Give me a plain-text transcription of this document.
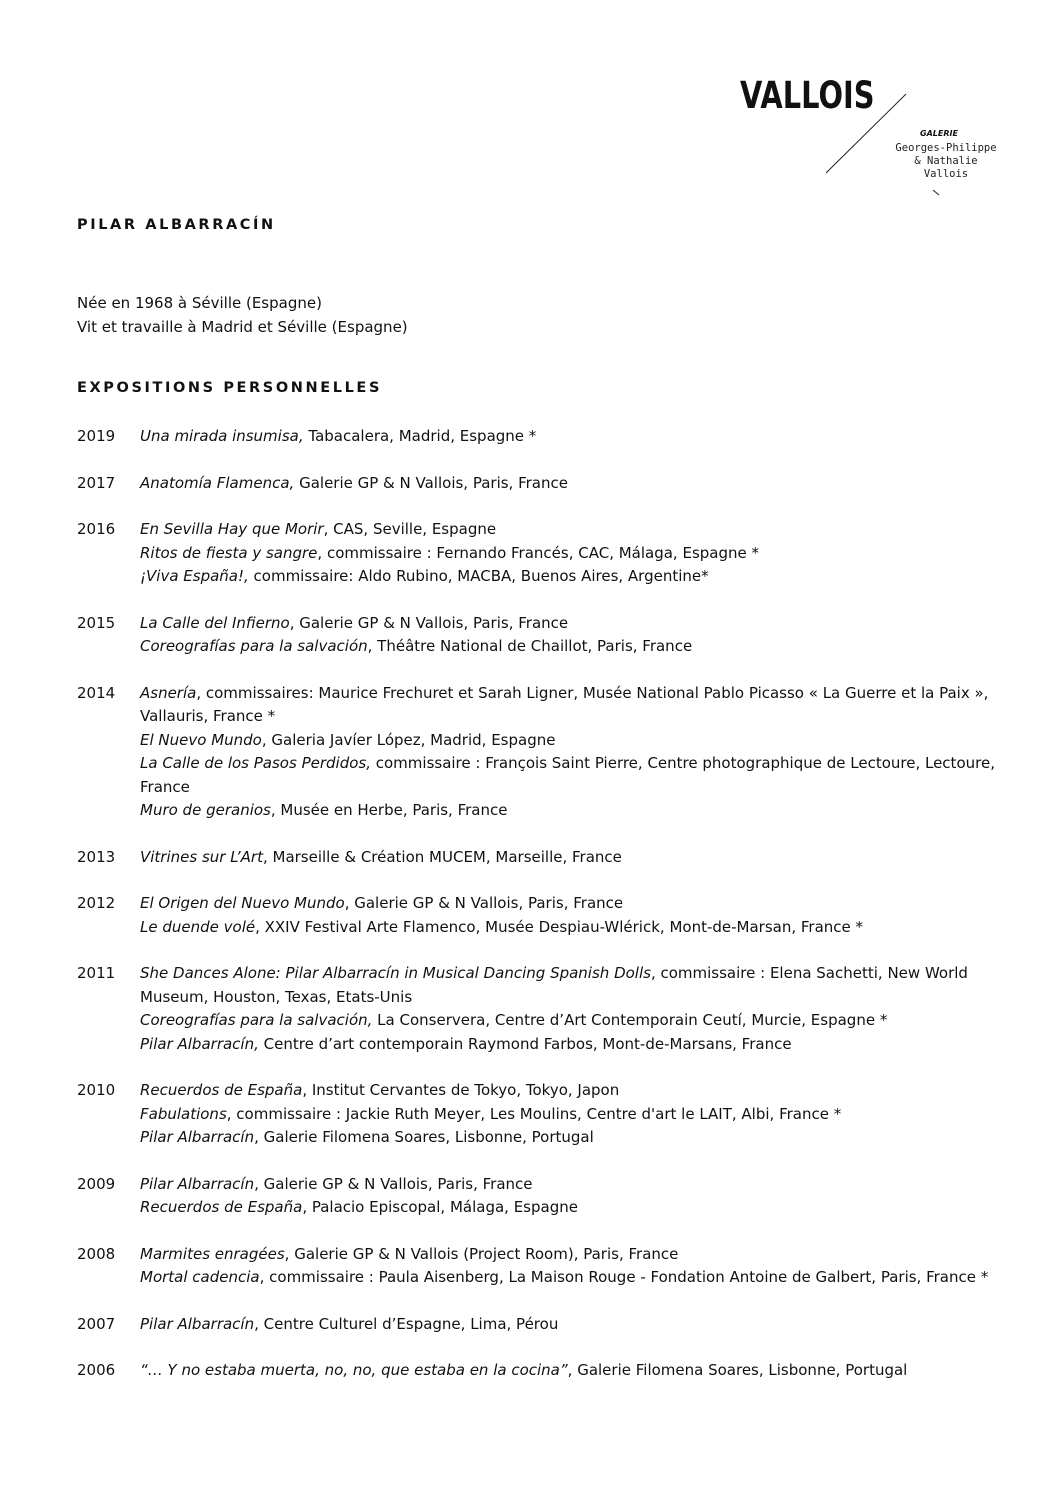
VALLOIS
GALERIE
Georges-Philippe
& Nathalie
Vallois
PILAR ALBARRACÍN
Née en 1968 à Séville (Espagne)
Vit et travaille à Madrid et Séville (Espagne)
EXPOSITIONS PERSONNELLES
2019 Una mirada insumisa, Tabacalera, Madrid, Espagne *
2017 Anatomía Flamenca, Galerie GP & N Vallois, Paris, France
2016 En Sevilla Hay que Morir, CAS, Seville, Espagne
Ritos de fiesta y sangre, commissaire : Fernando Francés, CAC, Málaga, Espagne *
¡Viva España!, commissaire: Aldo Rubino, MACBA, Buenos Aires, Argentine*
2015 La Calle del Infierno, Galerie GP & N Vallois, Paris, France
Coreografías para la salvación, Théâtre National de Chaillot, Paris, France
2014 Asnería, commissaires: Maurice Frechuret et Sarah Ligner, Musée National Pablo Picasso « La Guerre et la Paix », Vallauris, France *
El Nuevo Mundo, Galeria Javíer López, Madrid, Espagne
La Calle de los Pasos Perdidos, commissaire : François Saint Pierre, Centre photographique de Lectoure, Lectoure, France
Muro de geranios, Musée en Herbe, Paris, France
2013 Vitrines sur L’Art, Marseille & Création MUCEM, Marseille, France
2012 El Origen del Nuevo Mundo, Galerie GP & N Vallois, Paris, France
Le duende volé, XXIV Festival Arte Flamenco, Musée Despiau-Wlérick, Mont-de-Marsan, France *
2011 She Dances Alone: Pilar Albarracín in Musical Dancing Spanish Dolls, commissaire : Elena Sachetti, New World Museum, Houston, Texas, Etats-Unis
Coreografías para la salvación, La Conservera, Centre d’Art Contemporain Ceutí, Murcie, Espagne *
Pilar Albarracín, Centre d’art contemporain Raymond Farbos, Mont-de-Marsans, France
2010 Recuerdos de España, Institut Cervantes de Tokyo, Tokyo, Japon
Fabulations, commissaire : Jackie Ruth Meyer, Les Moulins, Centre d'art le LAIT, Albi, France *
Pilar Albarracín, Galerie Filomena Soares, Lisbonne, Portugal
2009 Pilar Albarracín, Galerie GP & N Vallois, Paris, France
Recuerdos de España, Palacio Episcopal, Málaga, Espagne
2008 Marmites enragées, Galerie GP & N Vallois (Project Room), Paris, France
Mortal cadencia, commissaire : Paula Aisenberg, La Maison Rouge - Fondation Antoine de Galbert, Paris, France *
2007 Pilar Albarracín, Centre Culturel d’Espagne, Lima, Pérou
2006 “… Y no estaba muerta, no, no, que estaba en la cocina”, Galerie Filomena Soares, Lisbonne, Portugal
